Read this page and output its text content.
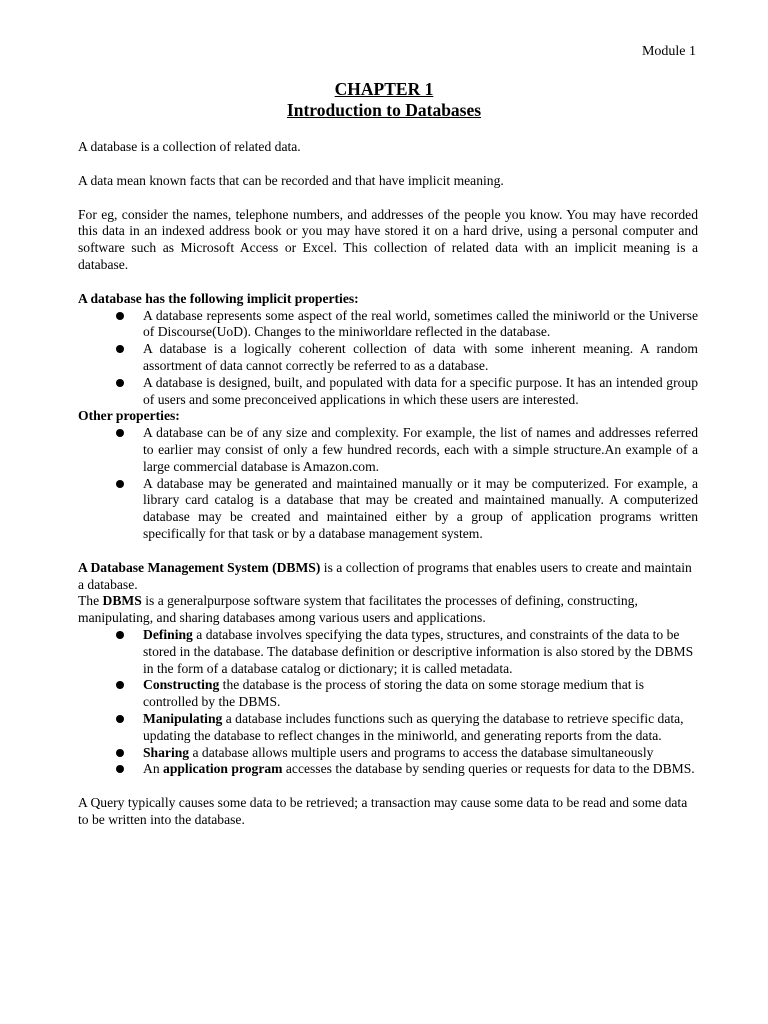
Module 1
CHAPTER 1
Introduction to Databases

A database is a collection of related data.

A data mean known facts that can be recorded and that have implicit meaning.

For eg, consider the names, telephone numbers, and addresses of the people you know. You may have recorded this data in an indexed address book or you may have stored it on a hard drive, using a personal computer and software such as Microsoft Access or Excel. This collection of related data with an implicit meaning is a database.

A database has the following implicit properties:

A database represents some aspect of the real world, sometimes called the miniworld or the Universe of Discourse(UoD). Changes to the miniworldare reflected in the database.
A database is a logically coherent collection of data with some inherent meaning. A random assortment of data cannot correctly be referred to as a database.
A database is designed, built, and populated with data for a specific purpose. It has an intended group of users and some preconceived applications in which these users are interested.

Other properties:

A database can be of any size and complexity. For example, the list of names and addresses referred to earlier may consist of only a few hundred records, each with a simple structure.An example of a large commercial database is Amazon.com.
A database may be generated and maintained manually or it may be computerized. For example, a library card catalog is a database that may be created and maintained manually. A computerized database may be created and maintained either by a group of application programs written specifically for that task or by a database management system.

A Database Management System (DBMS) is a collection of programs that enables users to create and maintain a database.

The DBMS is a generalpurpose software system that facilitates the processes of defining, constructing, manipulating, and sharing databases among various users and applications.

Defining a database involves specifying the data types, structures, and constraints of the data to be stored in the database. The database definition or descriptive information is also stored by the DBMS in the form of a database catalog or dictionary; it is called metadata.
Constructing the database is the process of storing the data on some storage medium that is controlled by the DBMS.
Manipulating a database includes functions such as querying the database to retrieve specific data, updating the database to reflect changes in the miniworld, and generating reports from the data.
Sharing a database allows multiple users and programs to access the database simultaneously
An application program accesses the database by sending queries or requests for data to the DBMS.

A Query typically causes some data to be retrieved; a transaction may cause some data to be read and some data to be written into the database.
